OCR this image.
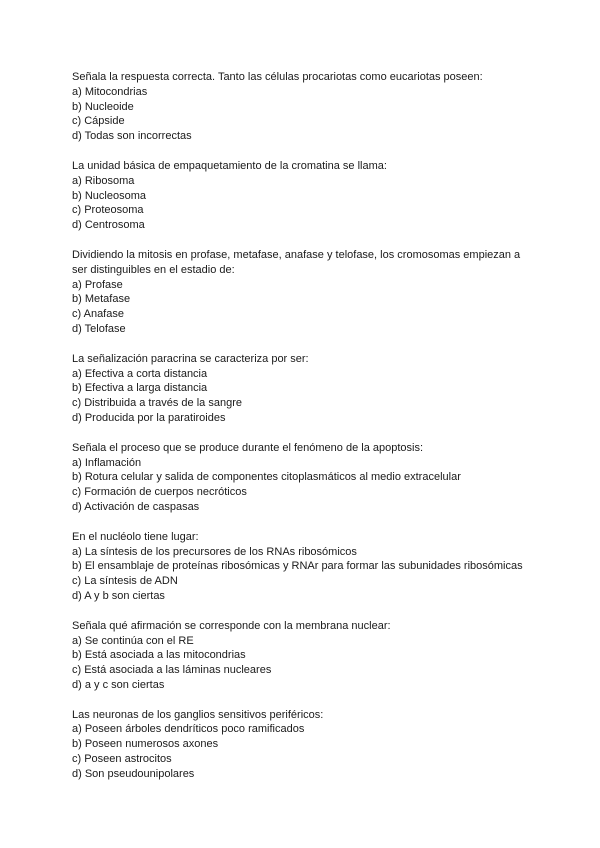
Señala la respuesta correcta. Tanto las células procariotas como eucariotas poseen:

a) Mitocondrias

b) Nucleoide

c) Cápside

d) Todas son incorrectas

La unidad básica de empaquetamiento de la cromatina se llama:

a) Ribosoma

b) Nucleosoma

c) Proteosoma

d) Centrosoma

Dividiendo la mitosis en profase, metafase, anafase y telofase, los cromosomas empiezan a ser distinguibles en el estadio de:

a) Profase

b) Metafase

c) Anafase

d) Telofase

La señalización paracrina se caracteriza por ser:

a) Efectiva a corta distancia

b) Efectiva a larga distancia

c) Distribuida a través de la sangre

d) Producida por la paratiroides

Señala el proceso que se produce durante el fenómeno de la apoptosis:

a) Inflamación

b) Rotura celular y salida de componentes citoplasmáticos al medio extracelular

c) Formación de cuerpos necróticos

d) Activación de caspasas

En el nucléolo tiene lugar:

a) La síntesis de los precursores de los RNAs ribosómicos

b) El ensamblaje de proteínas ribosómicas y RNAr para formar las subunidades ribosómicas

c) La síntesis de ADN

d) A y b son ciertas

Señala qué afirmación se corresponde con la membrana nuclear:

a) Se continúa con el RE

b) Está asociada a las mitocondrias

c) Está asociada a las láminas nucleares

d) a y c son ciertas

Las neuronas de los ganglios sensitivos periféricos:

a) Poseen árboles dendríticos poco ramificados

b) Poseen numerosos axones

c) Poseen astrocitos

d) Son pseudounipolares
